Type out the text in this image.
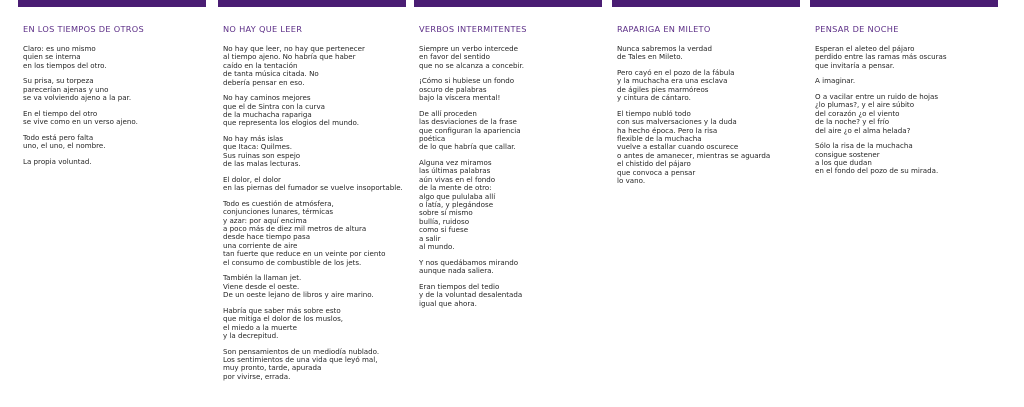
EN LOS TIEMPOS DE OTROS
Claro: es uno mismo
quien se interna
en los tiempos del otro.
Su prisa, su torpeza
parecerían ajenas y uno
se va volviendo ajeno a la par.
En el tiempo del otro
se vive como en un verso ajeno.
Todo está pero falta
uno, el uno, el nombre.
La propia voluntad.
NO HAY QUE LEER
No hay que leer, no hay que pertenecer
al tiempo ajeno. No habría que haber
caído en la tentación
de tanta música citada. No
debería pensar en eso.
No hay caminos mejores
que el de Sintra con la curva
de la muchacha rapariga
que representa los elogios del mundo.
No hay más islas
que Itaca: Quilmes.
Sus ruinas son espejo
de las malas lecturas.
El dolor, el dolor
en las piernas del fumador se vuelve insoportable.
Todo es cuestión de atmósfera,
conjunciones lunares, térmicas
y azar: por aquí encima
a poco más de diez mil metros de altura
desde hace tiempo pasa
una corriente de aire
tan fuerte que reduce en un veinte por ciento
el consumo de combustible de los jets.
También la llaman jet.
Viene desde el oeste.
De un oeste lejano de libros y aire marino.
Habría que saber más sobre esto
que mitiga el dolor de los muslos,
el miedo a la muerte
y la decrepitud.
Son pensamientos de un mediodía nublado.
Los sentimientos de una vida que leyó mal,
muy pronto, tarde, apurada
por vivirse, errada.
VERBOS INTERMITENTES
Siempre un verbo intercede
en favor del sentido
que no se alcanza a concebir.
¡Cómo si hubiese un fondo
oscuro de palabras
bajo la víscera mental!
De allí proceden
las desviaciones de la frase
que configuran la apariencia
poética
de lo que habría que callar.
Alguna vez miramos
las últimas palabras
aún vivas en el fondo
de la mente de otro:
algo que pululaba allí
o latía, y plegándose
sobre sí mismo
bullía, ruidoso
como si fuese
a salir
al mundo.
Y nos quedábamos mirando
aunque nada saliera.
Eran tiempos del tedio
y de la voluntad desalentada
igual que ahora.
RAPARIGA EN MILETO
Nunca sabremos la verdad
de Tales en Mileto.
Pero cayó en el pozo de la fábula
y la muchacha era una esclava
de ágiles pies marmóreos
y cintura de cántaro.
El tiempo nubló todo
con sus malversaciones y la duda
ha hecho época. Pero la risa
flexible de la muchacha
vuelve a estallar cuando oscurece
o antes de amanecer, mientras se aguarda
el chistido del pájaro
que convoca a pensar
lo vano.
PENSAR DE NOCHE
Esperan el aleteo del pájaro
perdido entre las ramas más oscuras
que invitaría a pensar.
A imaginar.
O a vacilar entre un ruido de hojas
¿lo plumas?, y el aire súbito
del corazón ¿o el viento
de la noche? y el frío
del aire ¿o el alma helada?
Sólo la risa de la muchacha
consigue sostener
a los que dudan
en el fondo del pozo de su mirada.
